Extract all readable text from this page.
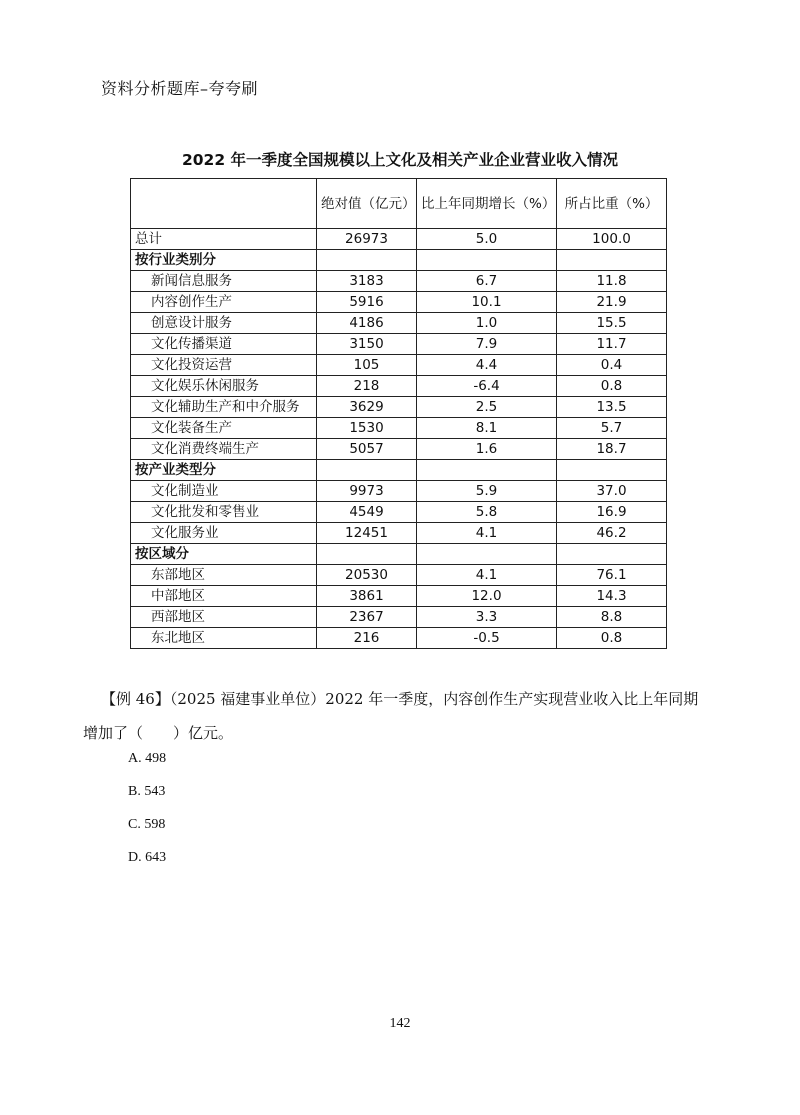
资料分析题库–夸夸刷
2022 年一季度全国规模以上文化及相关产业企业营业收入情况
	绝对值（亿元）	比上年同期增长（%）	所占比重（%）
总计	26973	5.0	100.0
按行业类别分			
新闻信息服务	3183	6.7	11.8
内容创作生产	5916	10.1	21.9
创意设计服务	4186	1.0	15.5
文化传播渠道	3150	7.9	11.7
文化投资运营	105	4.4	0.4
文化娱乐休闲服务	218	-6.4	0.8
文化辅助生产和中介服务	3629	2.5	13.5
文化装备生产	1530	8.1	5.7
文化消费终端生产	5057	1.6	18.7
按产业类型分			
文化制造业	9973	5.9	37.0
文化批发和零售业	4549	5.8	16.9
文化服务业	12451	4.1	46.2
按区域分			
东部地区	20530	4.1	76.1
中部地区	3861	12.0	14.3
西部地区	2367	3.3	8.8
东北地区	216	-0.5	0.8
【例 46】（2025 福建事业单位）2022 年一季度，内容创作生产实现营业收入比上年同期
增加了（　　）亿元。
A. 498
B. 543
C. 598
D. 643
142
